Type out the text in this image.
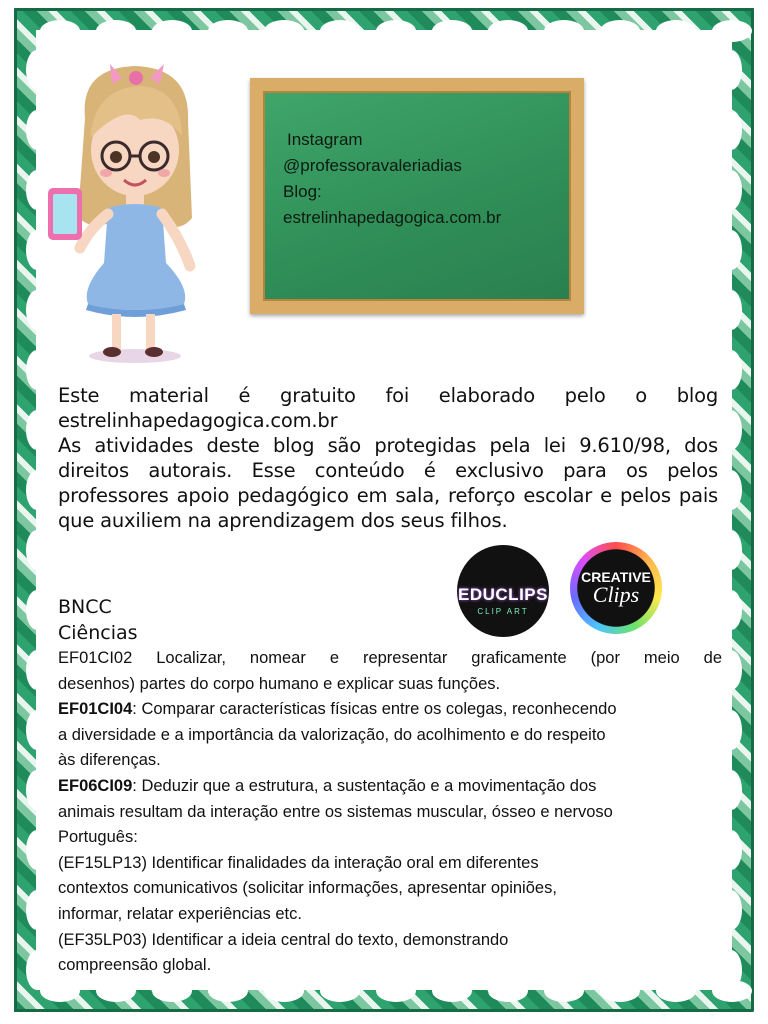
Instagram
@professoravaleriadias
Blog:
estrelinhapedagogica.com.br

Este material é gratuito foi elaborado pelo o blog

estrelinhapedagogica.com.br

As atividades deste blog são protegidas pela lei 9.610/98, dos direitos autorais. Esse conteúdo é exclusivo para os pelos professores apoio pedagógico em sala, reforço escolar e pelos pais que auxiliem na aprendizagem dos seus filhos.

EDUCLIPS
CLIP ART
CREATIVE
Clips
BNCC
Ciências
EF01CI02 Localizar, nomear e representar graficamente (por meio de
desenhos) partes do corpo humano e explicar suas funções.
EF01CI04: Comparar características físicas entre os colegas, reconhecendo
a diversidade e a importância da valorização, do acolhimento e do respeito
às diferenças.
EF06CI09: Deduzir que a estrutura, a sustentação e a movimentação dos
animais resultam da interação entre os sistemas muscular, ósseo e nervoso
Português:
(EF15LP13) Identificar finalidades da interação oral em diferentes
contextos comunicativos (solicitar informações, apresentar opiniões,
informar, relatar experiências etc.
(EF35LP03) Identificar a ideia central do texto, demonstrando
compreensão global.
